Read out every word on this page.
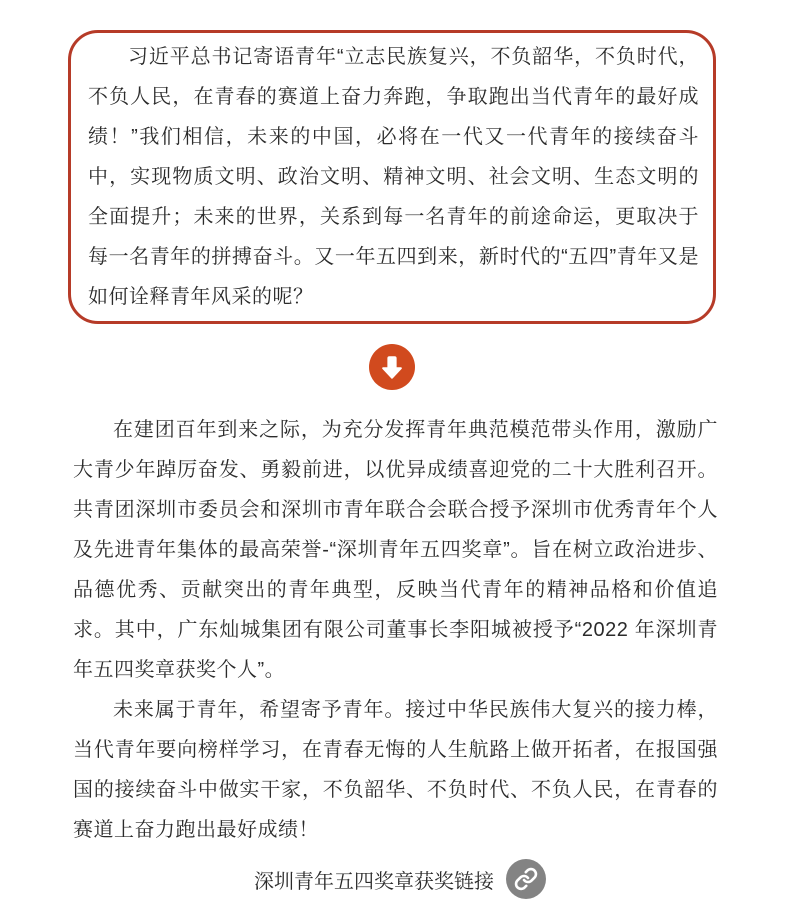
习近平总书记寄语青年“立志民族复兴，不负韶华，不负时代，不负人民，在青春的赛道上奋力奔跑，争取跑出当代青年的最好成绩！”我们相信，未来的中国，必将在一代又一代青年的接续奋斗中，实现物质文明、政治文明、精神文明、社会文明、生态文明的全面提升；未来的世界，关系到每一名青年的前途命运，更取决于每一名青年的拼搏奋斗。又一年五四到来，新时代的“五四”青年又是如何诠释青年风采的呢？

在建团百年到来之际，为充分发挥青年典范模范带头作用，激励广大青少年踔厉奋发、勇毅前进，以优异成绩喜迎党的二十大胜利召开。共青团深圳市委员会和深圳市青年联合会联合授予深圳市优秀青年个人及先进青年集体的最高荣誉-“深圳青年五四奖章”。旨在树立政治进步、品德优秀、贡献突出的青年典型，反映当代青年的精神品格和价值追求。其中，广东灿城集团有限公司董事长李阳城被授予“2022 年深圳青年五四奖章获奖个人”。

未来属于青年，希望寄予青年。接过中华民族伟大复兴的接力棒，当代青年要向榜样学习，在青春无悔的人生航路上做开拓者，在报国强国的接续奋斗中做实干家，不负韶华、不负时代、不负人民，在青春的赛道上奋力跑出最好成绩！

深圳青年五四奖章获奖链接
